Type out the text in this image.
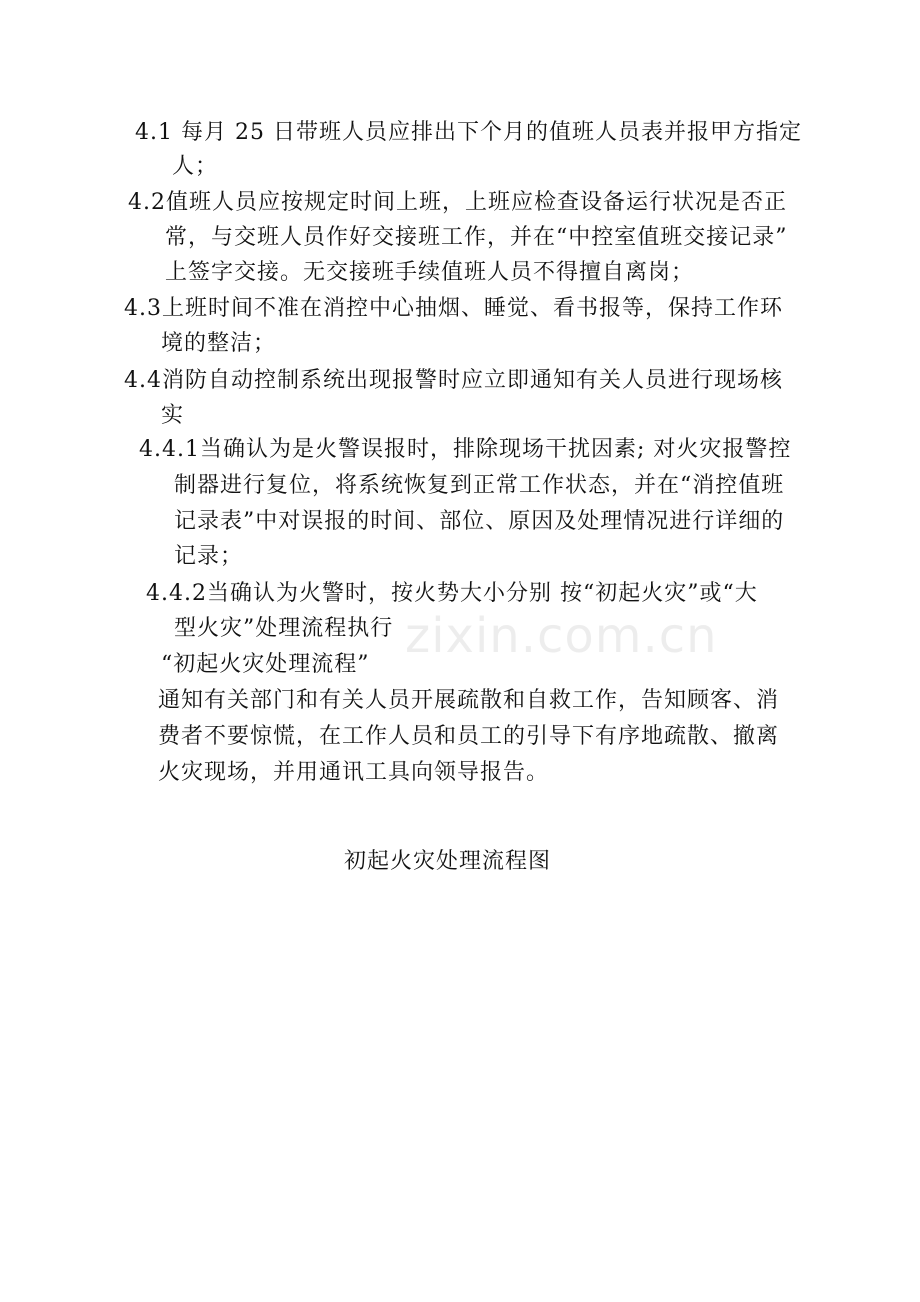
zixin.com.cn
4.1 每月 25 日带班人员应排出下个月的值班人员表并报甲方指定
人；
4.2值班人员应按规定时间上班，上班应检查设备运行状况是否正
常，与交班人员作好交接班工作，并在“中控室值班交接记录”
上签字交接。无交接班手续值班人员不得擅自离岗；
4.3上班时间不准在消控中心抽烟、睡觉、看书报等，保持工作环
境的整洁；
4.4消防自动控制系统出现报警时应立即通知有关人员进行现场核
实
4.4.1当确认为是火警误报时，排除现场干扰因素; 对火灾报警控
制器进行复位，将系统恢复到正常工作状态，并在“消控值班
记录表”中对误报的时间、部位、原因及处理情况进行详细的
记录；
4.4.2当确认为火警时，按火势大小分别 按“初起火灾”或“大
型火灾”处理流程执行
“初起火灾处理流程”
通知有关部门和有关人员开展疏散和自救工作，告知顾客、消
费者不要惊慌，在工作人员和员工的引导下有序地疏散、撤离
火灾现场，并用通讯工具向领导报告。
初起火灾处理流程图
